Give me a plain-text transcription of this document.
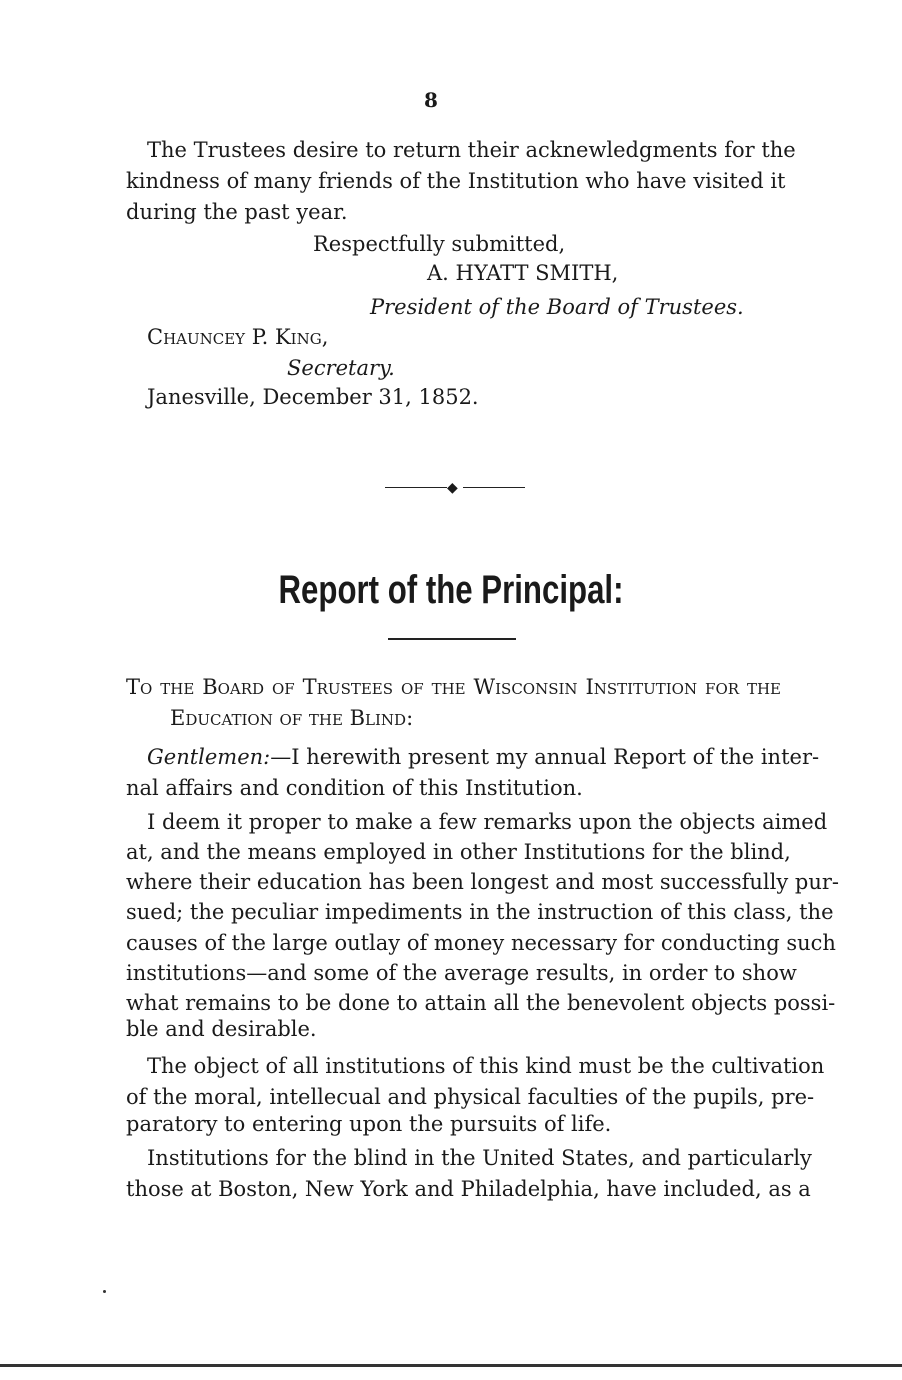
8
The Trustees desire to return their acknewledgments for the
kindness of many friends of the Institution who have visited it
during the past year.
Respectfully submitted,
A. HYATT SMITH,
President of the Board of Trustees.
Chauncey P. King,
Secretary.
Janesville, December 31, 1852.
◆
Report of the Principal:
To the Board of Trustees of the Wisconsin Institution for the
Education of the Blind:
Gentlemen:—I herewith present my annual Report of the inter-
nal affairs and condition of this Institution.
I deem it proper to make a few remarks upon the objects aimed
at, and the means employed in other Institutions for the blind,
where their education has been longest and most successfully pur-
sued; the peculiar impediments in the instruction of this class, the
causes of the large outlay of money necessary for conducting such
institutions—and some of the average results, in order to show
what remains to be done to attain all the benevolent objects possi-
ble and desirable.
The object of all institutions of this kind must be the cultivation
of the moral, intellecual and physical faculties of the pupils, pre-
paratory to entering upon the pursuits of life.
Institutions for the blind in the United States, and particularly
those at Boston, New York and Philadelphia, have included, as a
